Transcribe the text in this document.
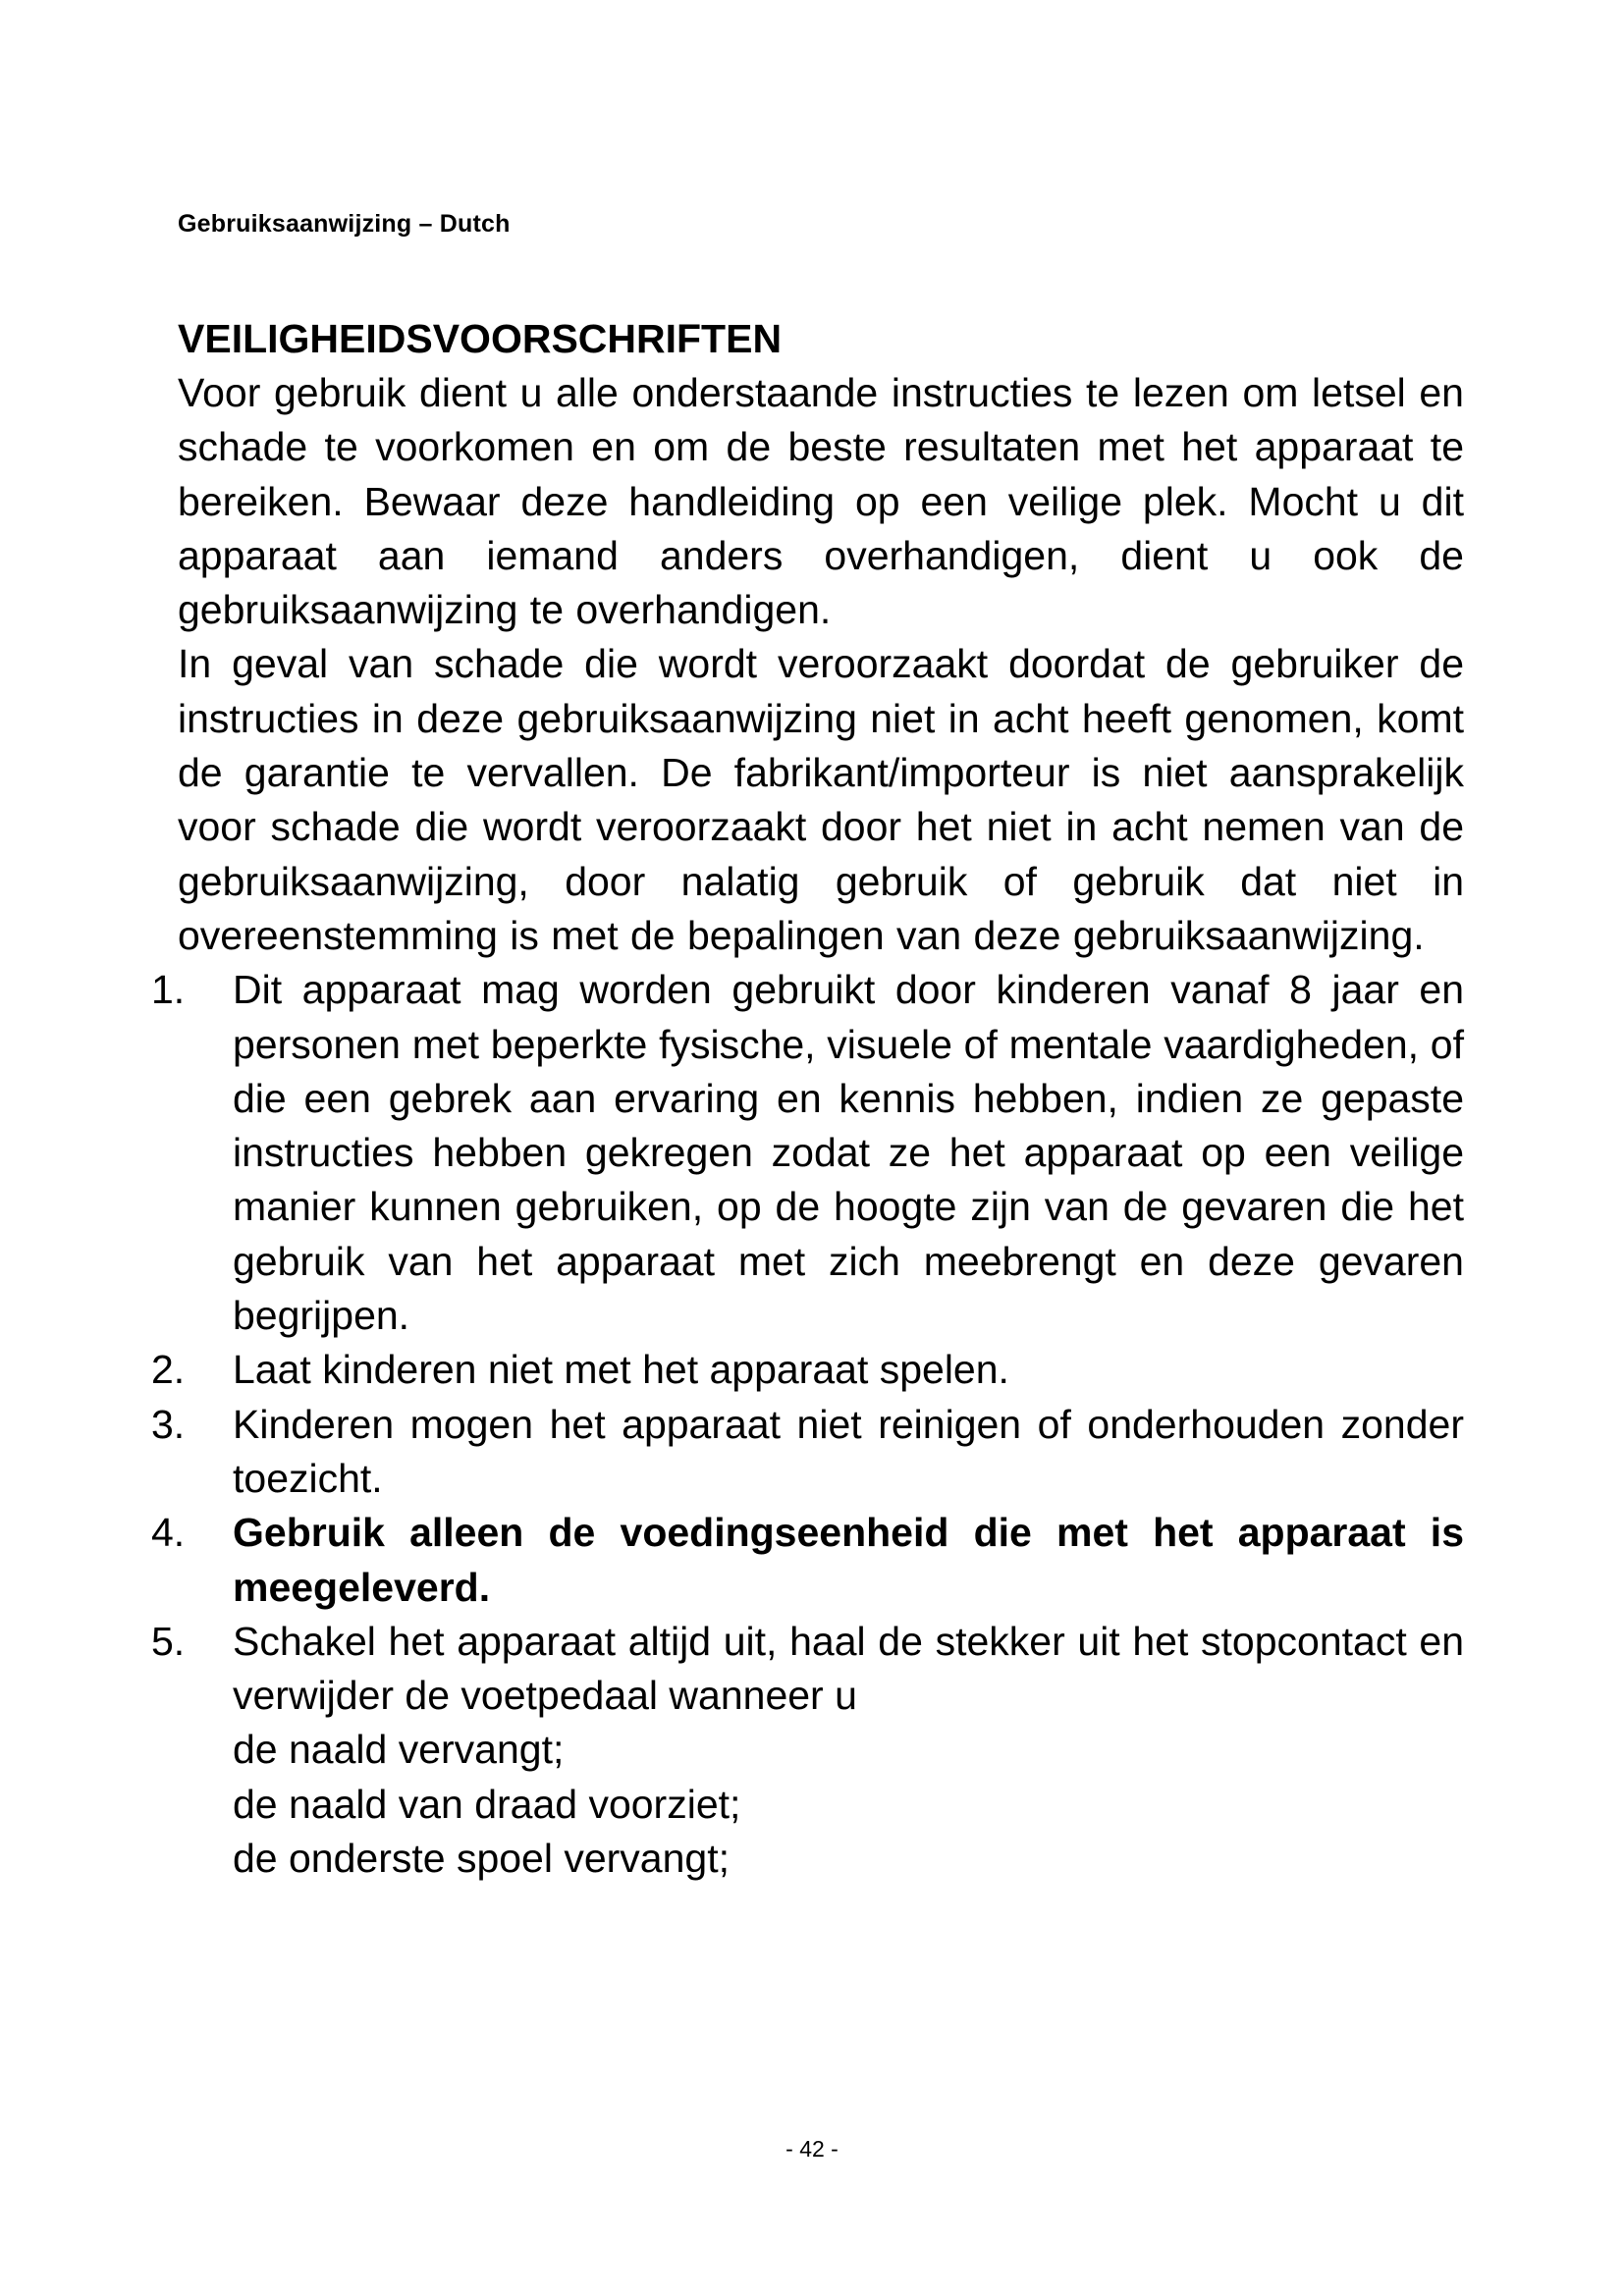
Gebruiksaanwijzing – Dutch
VEILIGHEIDSVOORSCHRIFTEN

Voor gebruik dient u alle onderstaande instructies te lezen om letsel en schade te voorkomen en om de beste resultaten met het apparaat te bereiken. Bewaar deze handleiding op een veilige plek. Mocht u dit apparaat aan iemand anders overhandigen, dient u ook de gebruiksaanwijzing te overhandigen.

In geval van schade die wordt veroorzaakt doordat de gebruiker de instructies in deze gebruiksaanwijzing niet in acht heeft genomen, komt de garantie te vervallen. De fabrikant/importeur is niet aansprakelijk voor schade die wordt veroorzaakt door het niet in acht nemen van de gebruiksaanwijzing, door nalatig gebruik of gebruik dat niet in overeenstemming is met de bepalingen van deze gebruiksaanwijzing.

1. Dit apparaat mag worden gebruikt door kinderen vanaf 8 jaar en personen met beperkte fysische, visuele of mentale vaardigheden, of die een gebrek aan ervaring en kennis hebben, indien ze gepaste instructies hebben gekregen zodat ze het apparaat op een veilige manier kunnen gebruiken, op de hoogte zijn van de gevaren die het gebruik van het apparaat met zich meebrengt en deze gevaren begrijpen.
2. Laat kinderen niet met het apparaat spelen.
3. Kinderen mogen het apparaat niet reinigen of onderhouden zonder toezicht.
4. Gebruik alleen de voedingseenheid die met het apparaat is meegeleverd.
5. Schakel het apparaat altijd uit, haal de stekker uit het stopcontact en verwijder de voetpedaal wanneer u
de naald vervangt;
de naald van draad voorziet;
de onderste spoel vervangt;
- 42 -
